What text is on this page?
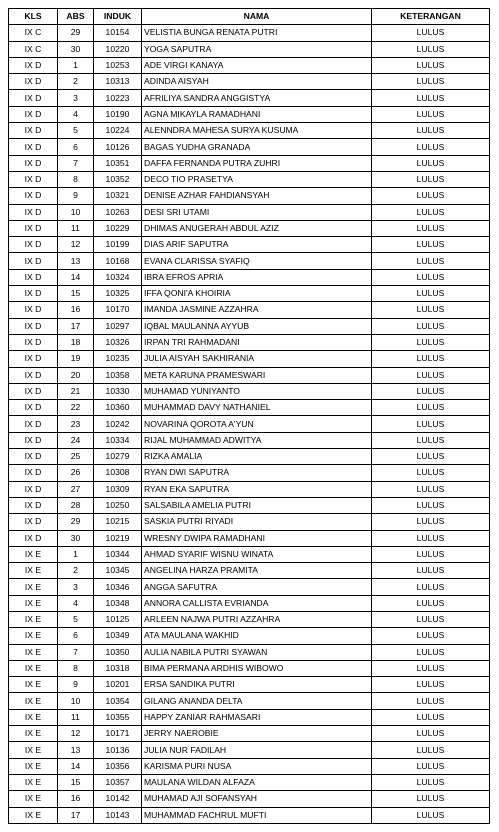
KLS	ABS	INDUK	NAMA	KETERANGAN
IX C	29	10154	VELISTIA BUNGA RENATA PUTRI	LULUS
IX C	30	10220	YOGA SAPUTRA	LULUS
IX D	1	10253	ADE VIRGI KANAYA	LULUS
IX D	2	10313	ADINDA AISYAH	LULUS
IX D	3	10223	AFRILIYA SANDRA ANGGISTYA	LULUS
IX D	4	10190	AGNA MIKAYLA RAMADHANI	LULUS
IX D	5	10224	ALENNDRA MAHESA SURYA KUSUMA	LULUS
IX D	6	10126	BAGAS YUDHA GRANADA	LULUS
IX D	7	10351	DAFFA FERNANDA PUTRA ZUHRI	LULUS
IX D	8	10352	DECO TIO PRASETYA	LULUS
IX D	9	10321	DENISE AZHAR FAHDIANSYAH	LULUS
IX D	10	10263	DESI SRI UTAMI	LULUS
IX D	11	10229	DHIMAS ANUGERAH ABDUL AZIZ	LULUS
IX D	12	10199	DIAS ARIF SAPUTRA	LULUS
IX D	13	10168	EVANA CLARISSA SYAFIQ	LULUS
IX D	14	10324	IBRA EFROS APRIA	LULUS
IX D	15	10325	IFFA QONI'A KHOIRIA	LULUS
IX D	16	10170	IMANDA JASMINE AZZAHRA	LULUS
IX D	17	10297	IQBAL MAULANNA AYYUB	LULUS
IX D	18	10326	IRPAN TRI RAHMADANI	LULUS
IX D	19	10235	JULIA AISYAH SAKHIRANIA	LULUS
IX D	20	10358	META KARUNA PRAMESWARI	LULUS
IX D	21	10330	MUHAMAD YUNIYANTO	LULUS
IX D	22	10360	MUHAMMAD DAVY NATHANIEL	LULUS
IX D	23	10242	NOVARINA QOROTA A'YUN	LULUS
IX D	24	10334	RIJAL MUHAMMAD ADWITYA	LULUS
IX D	25	10279	RIZKA AMALIA	LULUS
IX D	26	10308	RYAN DWI SAPUTRA	LULUS
IX D	27	10309	RYAN EKA SAPUTRA	LULUS
IX D	28	10250	SALSABILA AMELIA PUTRI	LULUS
IX D	29	10215	SASKIA PUTRI RIYADI	LULUS
IX D	30	10219	WRESNY DWIPA RAMADHANI	LULUS
IX E	1	10344	AHMAD SYARIF WISNU WINATA	LULUS
IX E	2	10345	ANGELINA HARZA PRAMITA	LULUS
IX E	3	10346	ANGGA SAFUTRA	LULUS
IX E	4	10348	ANNORA CALLISTA EVRIANDA	LULUS
IX E	5	10125	ARLEEN NAJWA PUTRI AZZAHRA	LULUS
IX E	6	10349	ATA MAULANA WAKHID	LULUS
IX E	7	10350	AULIA NABILA PUTRI SYAWAN	LULUS
IX E	8	10318	BIMA PERMANA ARDHIS WIBOWO	LULUS
IX E	9	10201	ERSA SANDIKA PUTRI	LULUS
IX E	10	10354	GILANG ANANDA DELTA	LULUS
IX E	11	10355	HAPPY ZANIAR RAHMASARI	LULUS
IX E	12	10171	JERRY NAEROBIE	LULUS
IX E	13	10136	JULIA NUR FADILAH	LULUS
IX E	14	10356	KARISMA PURI NUSA	LULUS
IX E	15	10357	MAULANA WILDAN ALFAZA	LULUS
IX E	16	10142	MUHAMAD AJI SOFANSYAH	LULUS
IX E	17	10143	MUHAMMAD FACHRUL MUFTI	LULUS
